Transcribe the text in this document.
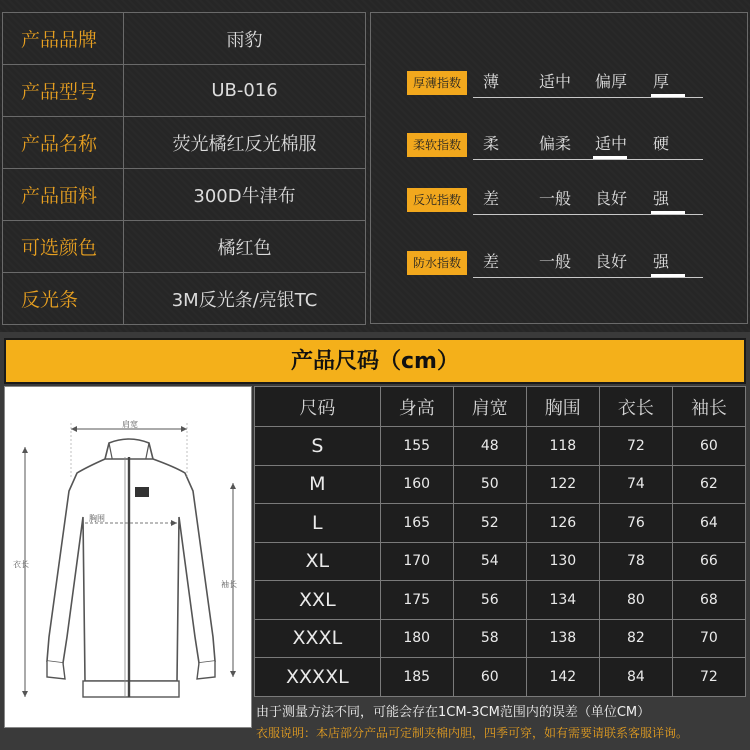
产品品牌	雨豹
产品型号	UB-016
产品名称	荧光橘红反光棉服
产品面料	300D牛津布
可选颜色	橘红色
反光条	3M反光条/亮银TC
厚薄指数	薄 适中 偏厚 厚
柔软指数	柔 偏柔 适中 硬
反光指数	差 一般 良好 强
防水指数	差 一般 良好 强
产品尺码（cm）
肩宽
胸围
衣长
袖长
尺码	身高	肩宽	胸围	衣长	袖长
S	155	48	118	72	60
M	160	50	122	74	62
L	165	52	126	76	64
XL	170	54	130	78	66
XXL	175	56	134	80	68
XXXL	180	58	138	82	70
XXXXL	185	60	142	84	72
由于测量方法不同，可能会存在1CM-3CM范围内的误差（单位CM）
衣服说明：本店部分产品可定制夹棉内胆，四季可穿，如有需要请联系客服详询。
